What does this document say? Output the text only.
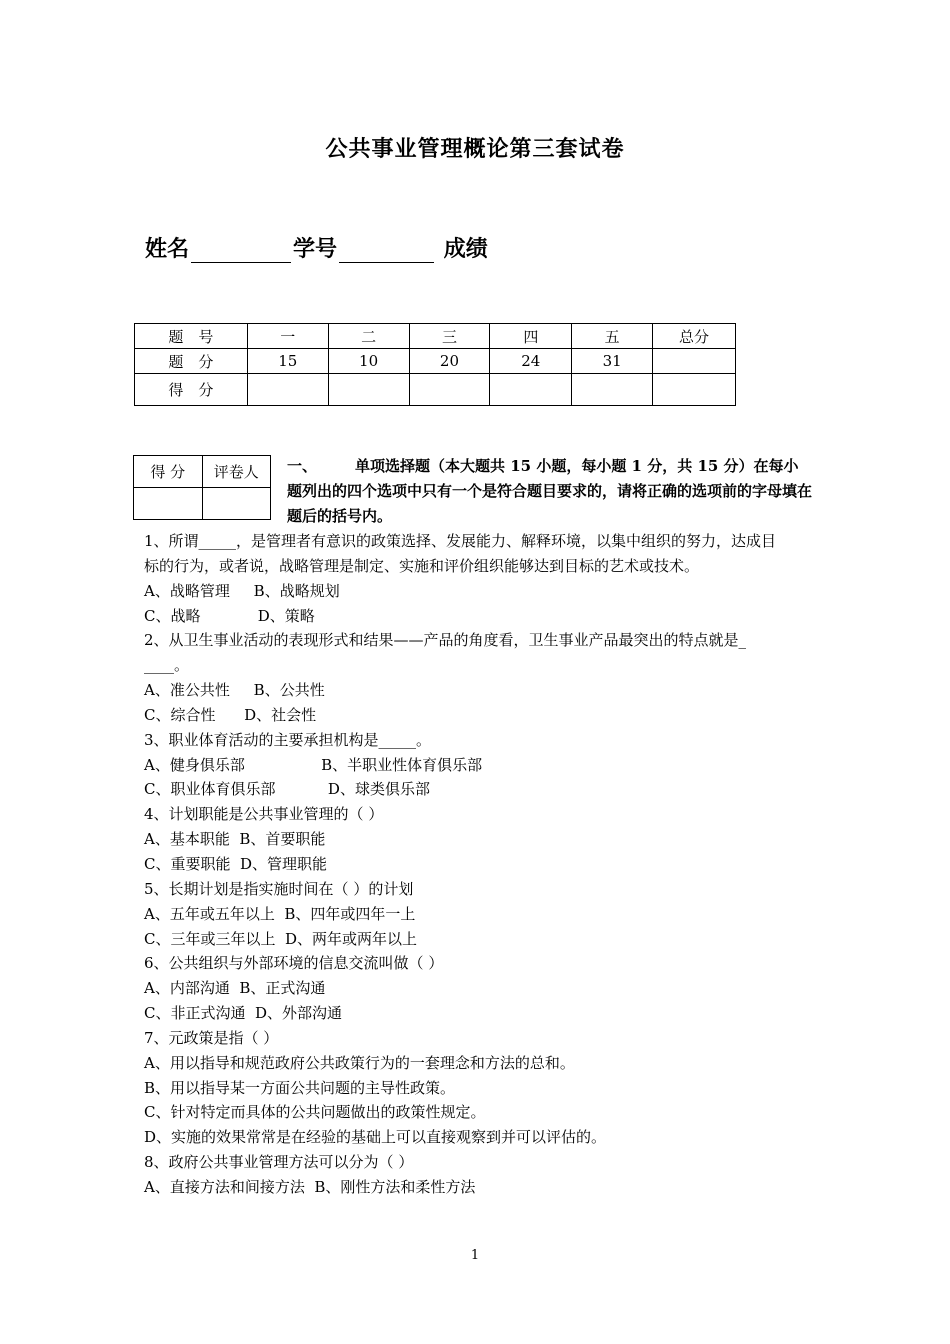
公共事业管理概论第三套试卷
姓名	学号	成绩
题　号	一	二	三	四	五	总分
题　分	15	10	20	24	31	
得　分						
得 分	评卷人
	一、	单项选择题（本大题共 15 小题，每小题 1 分，共 15 分）在每小题列出的四个选项中只有一个是符合题目要求的，请将正确的选项前的字母填在题后的括号内。
1、所谓_____，是管理者有意识的政策选择、发展能力、解释环境，以集中组织的努力，达成目
标的行为，或者说，战略管理是制定、实施和评价组织能够达到目标的艺术或技术。
A、战略管理     B、战略规划
C、战略            D、策略
2、从卫生事业活动的表现形式和结果——产品的角度看，卫生事业产品最突出的特点就是_
____。
A、准公共性     B、公共性
C、综合性      D、社会性
3、职业体育活动的主要承担机构是_____。
A、健身俱乐部                B、半职业性体育俱乐部
C、职业体育俱乐部           D、球类俱乐部
4、计划职能是公共事业管理的（ ）
A、基本职能  B、首要职能
C、重要职能  D、管理职能
5、长期计划是指实施时间在（ ）的计划
A、五年或五年以上  B、四年或四年一上
C、三年或三年以上  D、两年或两年以上
6、公共组织与外部环境的信息交流叫做（ ）
A、内部沟通  B、正式沟通
C、非正式沟通  D、外部沟通
7、元政策是指（ ）
A、用以指导和规范政府公共政策行为的一套理念和方法的总和。
B、用以指导某一方面公共问题的主导性政策。
C、针对特定而具体的公共问题做出的政策性规定。
D、实施的效果常常是在经验的基础上可以直接观察到并可以评估的。
8、政府公共事业管理方法可以分为（ ）
A、直接方法和间接方法  B、刚性方法和柔性方法
1
